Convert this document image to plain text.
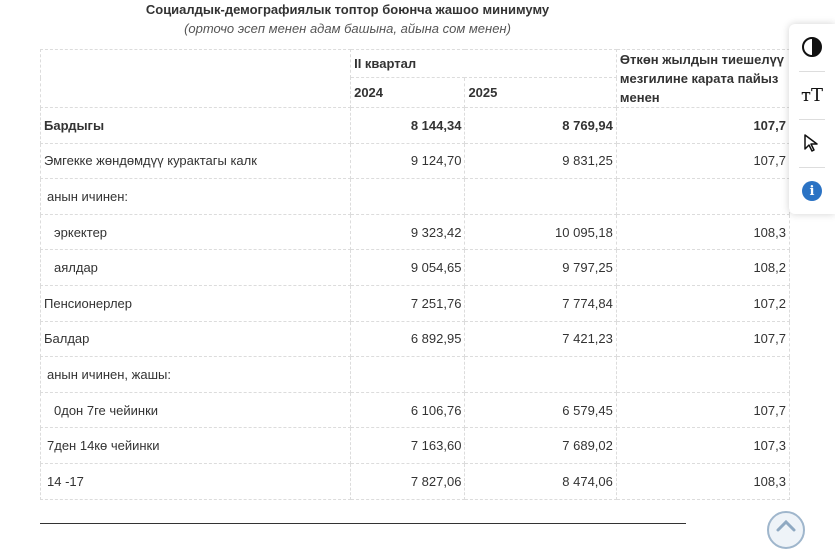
Социалдык-демографиялык топтор боюнча жашоо минимуму
(орточо эсеп менен адам башына, айына сом менен)
	II квартал		Өткөн жылдын тиешелүү мезгилине карата пайыз менен
	2024	2025	
Бардыгы	8 144,34	8 769,94	107,7
Эмгекке жөндөмдүү курактагы калк	9 124,70	9 831,25	107,7
анын ичинен:			
эркектер	9 323,42	10 095,18	108,3
аялдар	9 054,65	9 797,25	108,2
Пенсионерлер	7 251,76	7 774,84	107,2
Балдар	6 892,95	7 421,23	107,7
анын ичинен, жашы:			
0дон 7ге чейинки	6 106,76	6 579,45	107,7
7ден 14кө чейинки	7 163,60	7 689,02	107,3
14 -17	7 827,06	8 474,06	108,3
тТ
i
